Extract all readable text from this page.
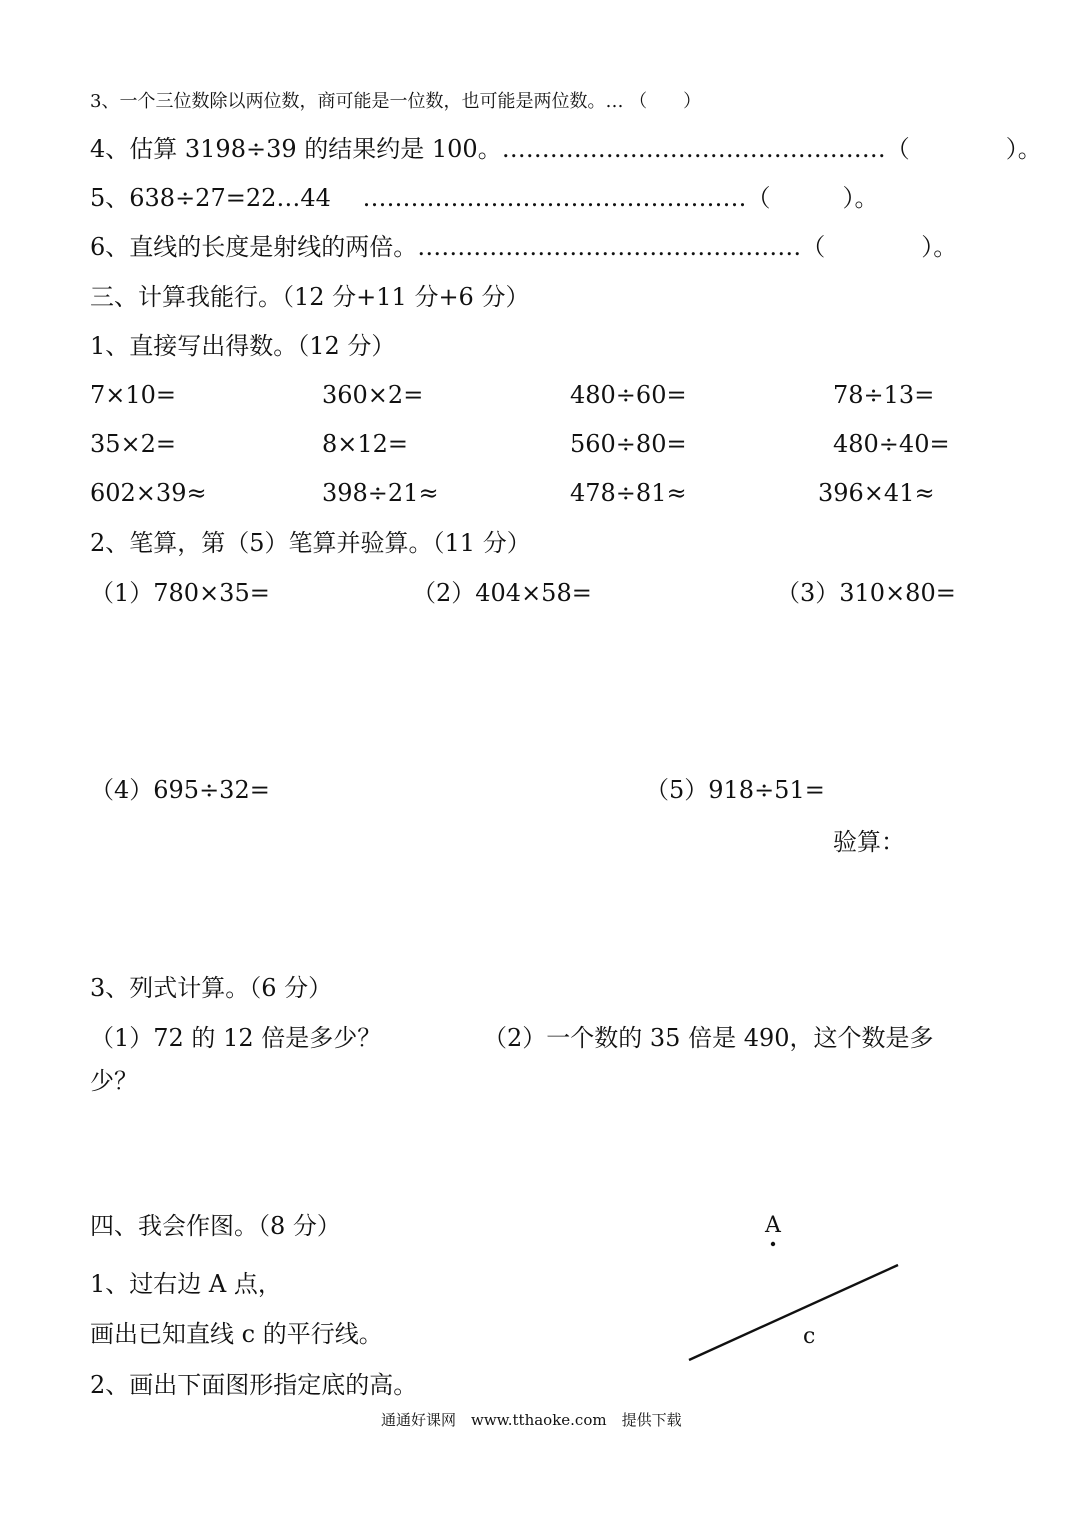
3、一个三位数除以两位数，商可能是一位数，也可能是两位数。… （　　）
4、估算 3198÷39 的结果约是 100。…………………………………………（　　　　）。
5、638÷27=22…44　 …………………………………………（　　　）。
6、直线的长度是射线的两倍。…………………………………………（　　　　）。
三、计算我能行。（12 分+11 分+6 分）
1、直接写出得数。（12 分）
7×10=	360×2=	480÷60=	78÷13=
35×2=	8×12=	560÷80=	480÷40=
602×39≈	398÷21≈	478÷81≈	396×41≈
2、笔算，第（5）笔算并验算。（11 分）
（1）780×35=	（2）404×58=	（3）310×80=
（4）695÷32=	（5）918÷51=
验算：
3、列式计算。（6 分）
（1）72 的 12 倍是多少？	（2）一个数的 35 倍是 490，这个数是多
少？
四、我会作图。（8 分）
1、过右边 A 点，
画出已知直线 c 的平行线。
2、画出下面图形指定底的高。
A
c
通通好课网　www.tthaoke.com　提供下载
